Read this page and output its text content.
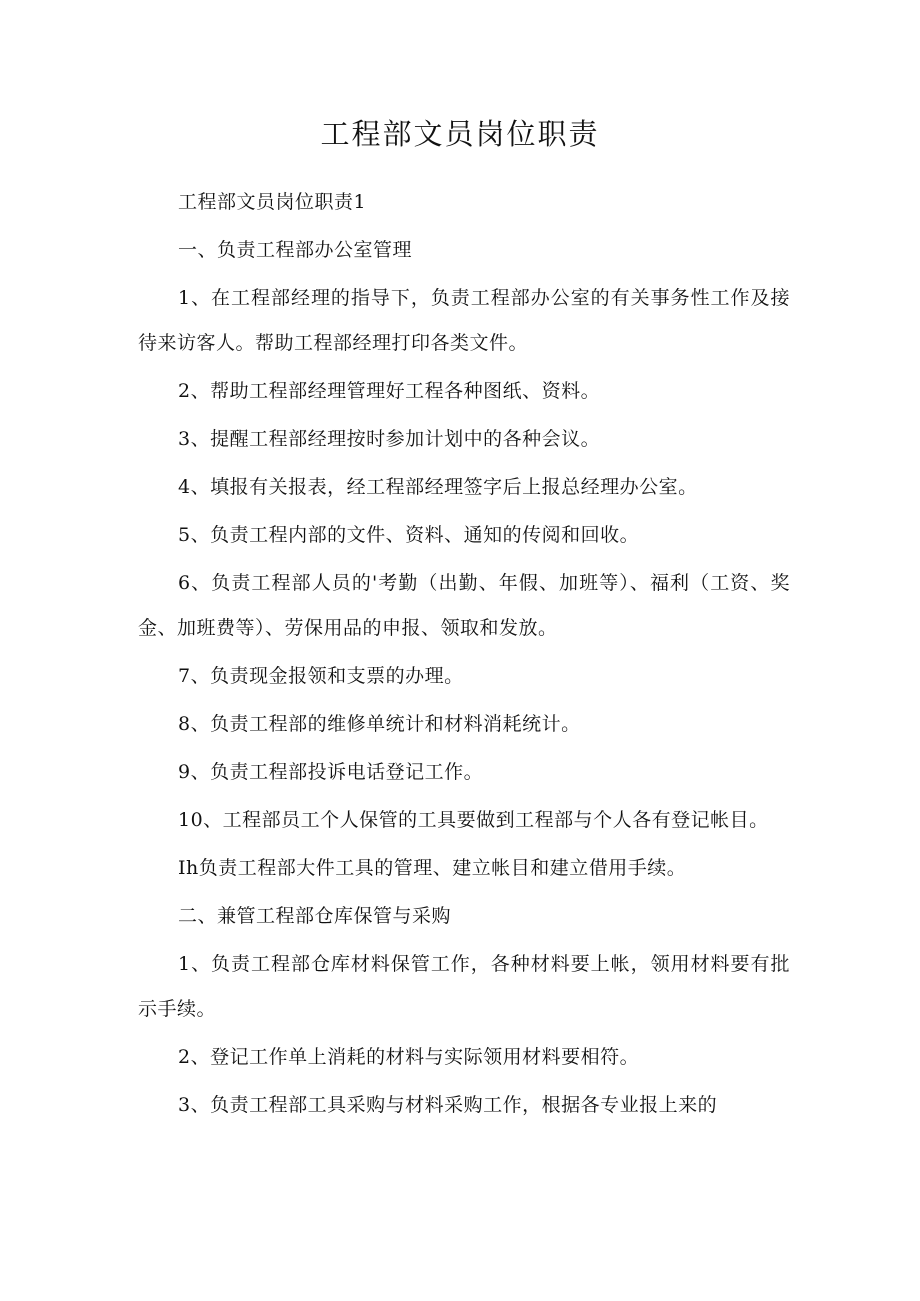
工程部文员岗位职责

工程部文员岗位职责1

一、负责工程部办公室管理

1、在工程部经理的指导下，负责工程部办公室的有关事务性工作及接待来访客人。帮助工程部经理打印各类文件。

2、帮助工程部经理管理好工程各种图纸、资料。

3、提醒工程部经理按时参加计划中的各种会议。

4、填报有关报表，经工程部经理签字后上报总经理办公室。

5、负责工程内部的文件、资料、通知的传阅和回收。

6、负责工程部人员的'考勤（出勤、年假、加班等）、福利（工资、奖金、加班费等）、劳保用品的申报、领取和发放。

7、负责现金报领和支票的办理。

8、负责工程部的维修单统计和材料消耗统计。

9、负责工程部投诉电话登记工作。

10、工程部员工个人保管的工具要做到工程部与个人各有登记帐目。

Ih负责工程部大件工具的管理、建立帐目和建立借用手续。

二、兼管工程部仓库保管与采购

1、负责工程部仓库材料保管工作，各种材料要上帐，领用材料要有批示手续。

2、登记工作单上消耗的材料与实际领用材料要相符。

3、负责工程部工具采购与材料采购工作，根据各专业报上来的
